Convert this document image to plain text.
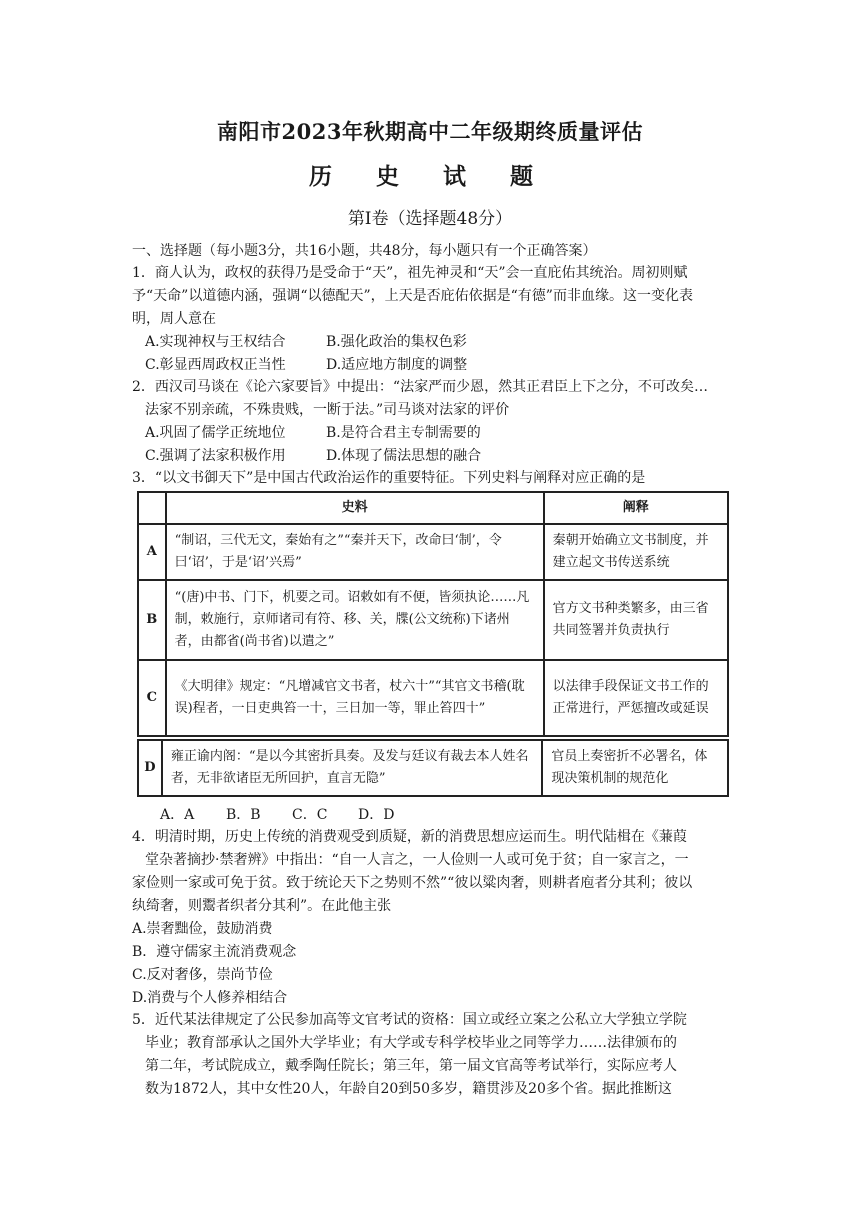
南阳市2023年秋期高中二年级期终质量评估
历 史 试 题
第I卷（选择题48分）
一、选择题（每小题3分，共16小题，共48分，每小题只有一个正确答案）
1．商人认为，政权的获得乃是受命于“天”，祖先神灵和“天”会一直庇佑其统治。周初则赋
予“天命”以道德内涵，强调“以德配天”，上天是否庇佑依据是“有德”而非血缘。这一变化表
明，周人意在
A.实现神权与王权结合	B.强化政治的集权色彩
C.彰显西周政权正当性	D.适应地方制度的调整
2．西汉司马谈在《论六家要旨》中提出：“法家严而少恩，然其正君臣上下之分，不可改矣…
法家不别亲疏，不殊贵贱，一断于法。”司马谈对法家的评价
A.巩固了儒学正统地位	B.是符合君主专制需要的
C.强调了法家积极作用	D.体现了儒法思想的融合
3．“以文书御天下”是中国古代政治运作的重要特征。下列史料与阐释对应正确的是
	史料	阐释
A	“制诏，三代无文，秦始有之”“秦并天下，改命曰‘制’，令曰‘诏’，于是‘诏’兴焉”	秦朝开始确立文书制度，并建立起文书传送系统
B	“(唐)中书、门下，机要之司。诏敕如有不便，皆须执论……凡制，敕施行，京师诸司有符、移、关，牒(公文统称)下诸州者，由都省(尚书省)以遣之”	官方文书种类繁多，由三省共同签署并负责执行
C	《大明律》规定：“凡增减官文书者，杖六十”“其官文书稽(耽误)程者，一日吏典笞一十，三日加一等，罪止笞四十”	以法律手段保证文书工作的正常进行，严惩擅改或延误
D	雍正谕内阁：“是以今其密折具奏。及发与廷议有裁去本人姓名者，无非欲诸臣无所回护，直言无隐”	官员上奏密折不必署名，体现决策机制的规范化
A．A B．B C．C D．D
4．明清时期，历史上传统的消费观受到质疑，新的消费思想应运而生。明代陆楫在《蒹葭
堂杂著摘抄·禁奢辨》中指出：“自一人言之，一人俭则一人或可免于贫；自一家言之，一
家俭则一家或可免于贫。致于统论天下之势则不然”“彼以粱肉奢，则耕者庖者分其利；彼以
纨绮奢，则鬻者织者分其利”。在此他主张
A.崇奢黜俭，鼓励消费
B．遵守儒家主流消费观念
C.反对奢侈，崇尚节俭
D.消费与个人修养相结合
5．近代某法律规定了公民参加高等文官考试的资格：国立或经立案之公私立大学独立学院
毕业；教育部承认之国外大学毕业；有大学或专科学校毕业之同等学力……法律颁布的
第二年，考试院成立，戴季陶任院长；第三年，第一届文官高等考试举行，实际应考人
数为1872人，其中女性20人，年龄自20到50多岁，籍贯涉及20多个省。据此推断这
